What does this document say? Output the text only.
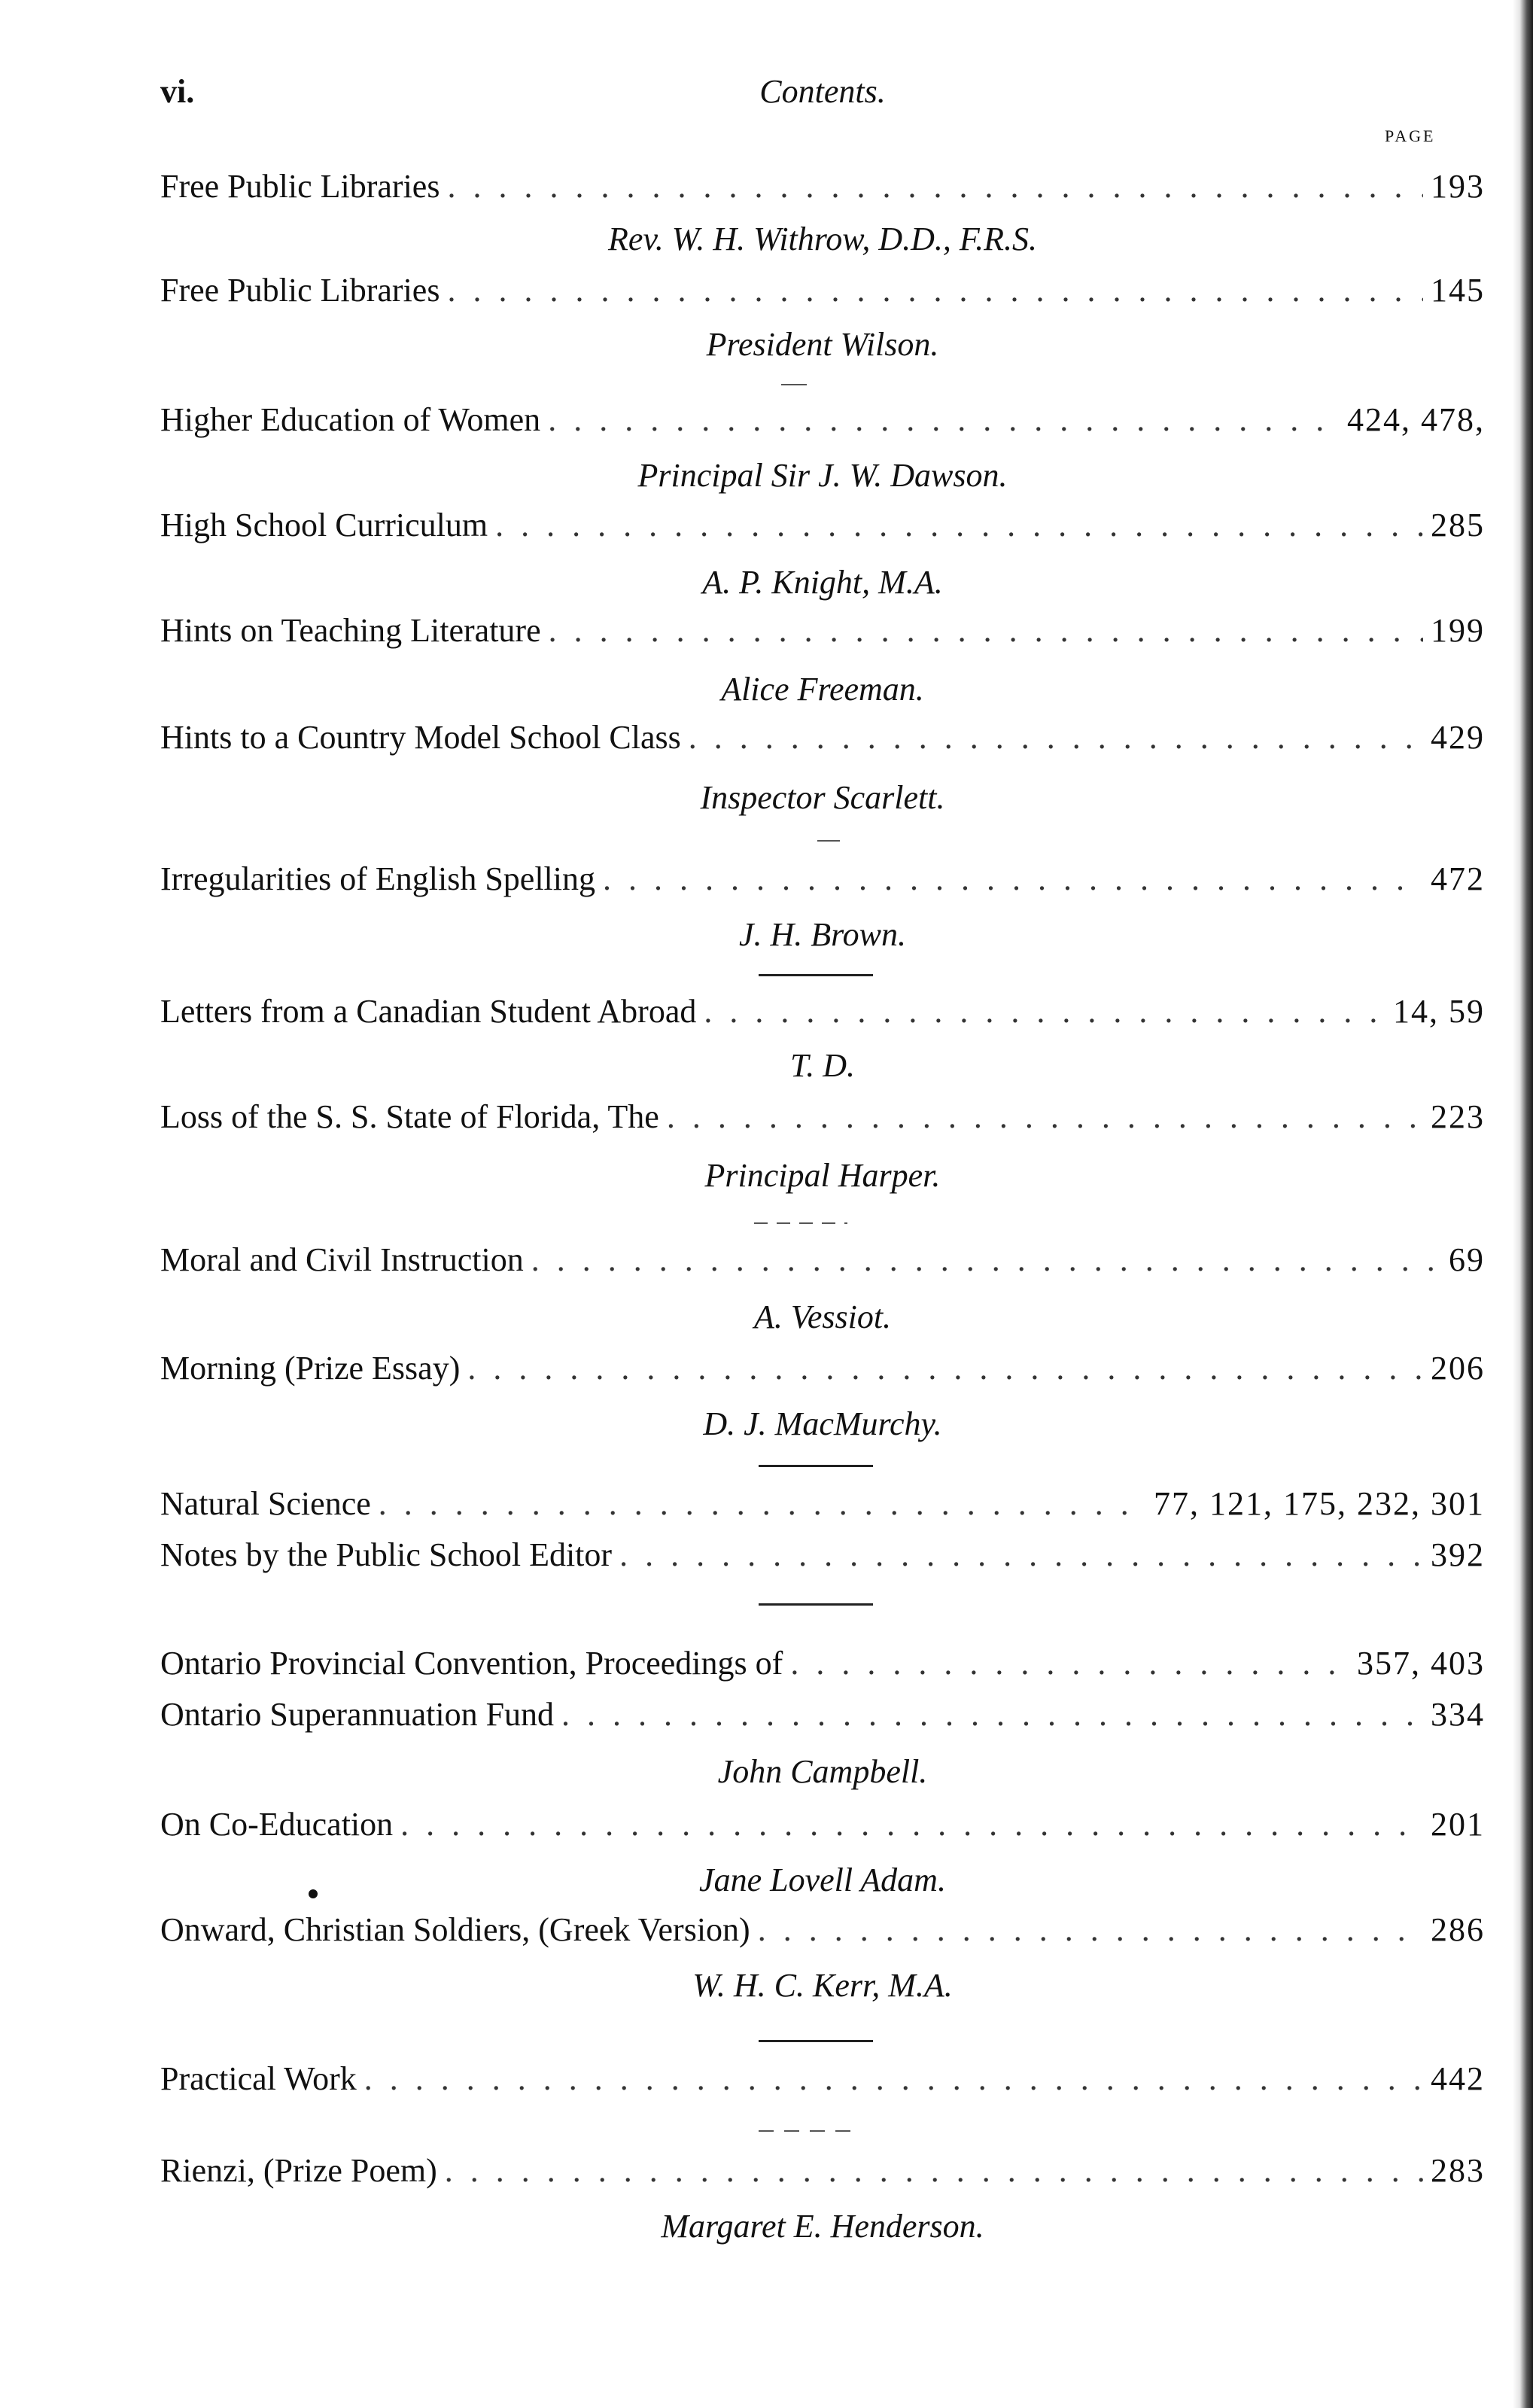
vi.	Contents.
PAGE
Free Public Libraries . . .	193
Rev. W. H. Withrow, D.D., F.R.S.
Free Public Libraries . . .	145
President Wilson.
Higher Education of Women . . .	424, 478,
Principal Sir J. W. Dawson.
High School Curriculum . . .	285
A. P. Knight, M.A.
Hints on Teaching Literature . . .	199
Alice Freeman.
Hints to a Country Model School Class . . .	429
Inspector Scarlett.
Irregularities of English Spelling . . .	472
J. H. Brown.
Letters from a Canadian Student Abroad . . .	14, 59
T. D.
Loss of the S. S. State of Florida, The . . .	223
Principal Harper.
Moral and Civil Instruction . . .	69
A. Vessiot.
Morning (Prize Essay) . . .	206
D. J. MacMurchy.
Natural Science . . .	77, 121, 175, 232, 301
Notes by the Public School Editor . . .	392
Ontario Provincial Convention, Proceedings of . . .	357, 403
Ontario Superannuation Fund . . .	334
John Campbell.
On Co-Education . . .	201
Jane Lovell Adam.
Onward, Christian Soldiers, (Greek Version) . . .	286
W. H. C. Kerr, M.A.
Practical Work . . .	442
Rienzi, (Prize Poem) . . .	283
Margaret E. Henderson.
